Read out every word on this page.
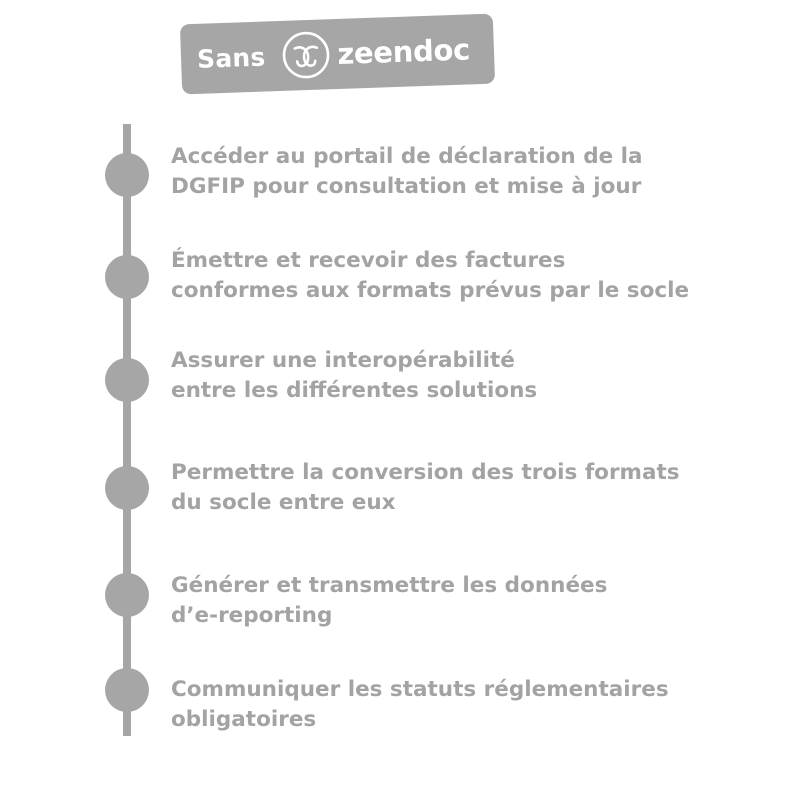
Sans zeendoc
Accéder au portail de déclaration de la
DGFIP pour consultation et mise à jour
Émettre et recevoir des factures
conformes aux formats prévus par le socle
Assurer une interopérabilité
entre les différentes solutions
Permettre la conversion des trois formats
du socle entre eux
Générer et transmettre les données
d’e-reporting
Communiquer les statuts réglementaires
obligatoires
